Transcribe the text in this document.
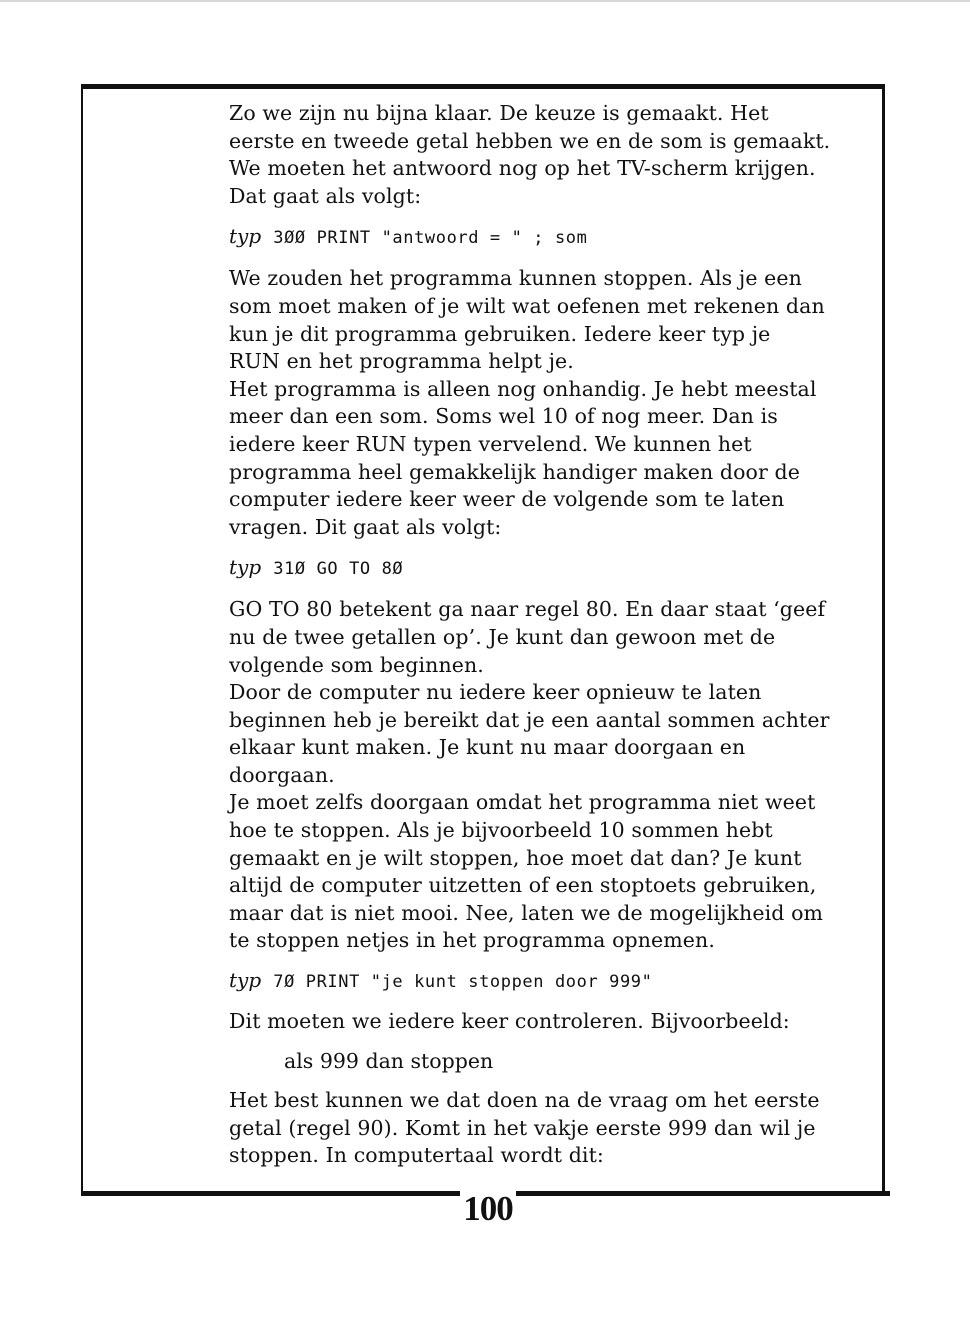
100

Zo we zijn nu bijna klaar. De keuze is gemaakt. Het
eerste en tweede getal hebben we en de som is gemaakt.
We moeten het antwoord nog op het TV-scherm krijgen.
Dat gaat als volgt:

typ 3ØØ PRINT "antwoord = " ; som

We zouden het programma kunnen stoppen. Als je een
som moet maken of je wilt wat oefenen met rekenen dan
kun je dit programma gebruiken. Iedere keer typ je
RUN en het programma helpt je.
Het programma is alleen nog onhandig. Je hebt meestal
meer dan een som. Soms wel 10 of nog meer. Dan is
iedere keer RUN typen vervelend. We kunnen het
programma heel gemakkelijk handiger maken door de
computer iedere keer weer de volgende som te laten
vragen. Dit gaat als volgt:

typ 31Ø GO TO 8Ø

GO TO 80 betekent ga naar regel 80. En daar staat ‘geef
nu de twee getallen op’. Je kunt dan gewoon met de
volgende som beginnen.
Door de computer nu iedere keer opnieuw te laten
beginnen heb je bereikt dat je een aantal sommen achter
elkaar kunt maken. Je kunt nu maar doorgaan en
doorgaan.
Je moet zelfs doorgaan omdat het programma niet weet
hoe te stoppen. Als je bijvoorbeeld 10 sommen hebt
gemaakt en je wilt stoppen, hoe moet dat dan? Je kunt
altijd de computer uitzetten of een stoptoets gebruiken,
maar dat is niet mooi. Nee, laten we de mogelijkheid om
te stoppen netjes in het programma opnemen.

typ 7Ø PRINT "je kunt stoppen door 999"

Dit moeten we iedere keer controleren. Bijvoorbeeld:

als 999 dan stoppen

Het best kunnen we dat doen na de vraag om het eerste
getal (regel 90). Komt in het vakje eerste 999 dan wil je
stoppen. In computertaal wordt dit:
